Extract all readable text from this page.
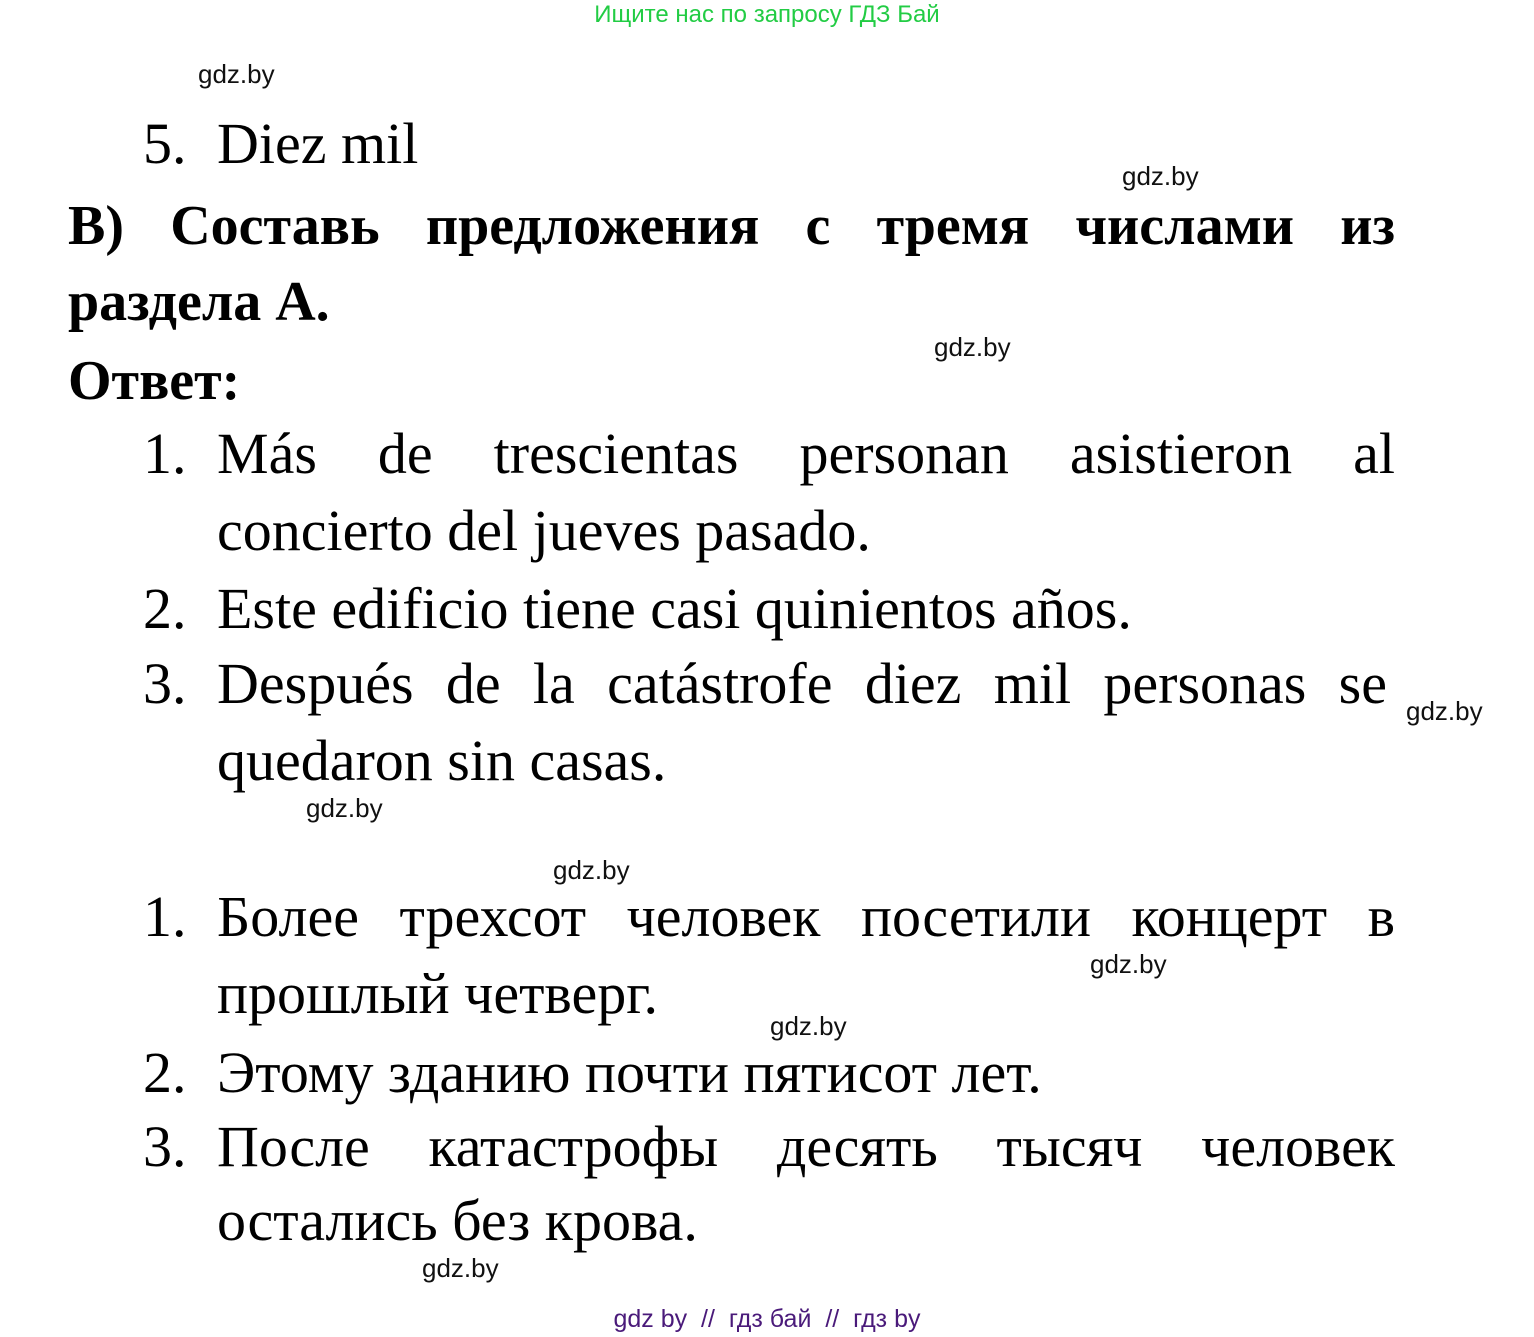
Ищите нас по запросу ГДЗ Бай
5. Diez mil
B) Составь предложения с тремя числами из
раздела А.
Ответ:
1. Más de trescientas personan asistieron al
concierto del jueves pasado.
2. Este edificio tiene casi quinientos años.
3. Después de la catástrofe diez mil personas se
quedaron sin casas.
1. Более трехсот человек посетили концерт в
прошлый четверг.
2. Этому зданию почти пятисот лет.
3. После катастрофы десять тысяч человек
остались без крова.
gdz.by
gdz.by
gdz.by
gdz.by
gdz.by
gdz.by
gdz.by
gdz.by
gdz.by
gdz by  //  гдз бай  //  гдз by
